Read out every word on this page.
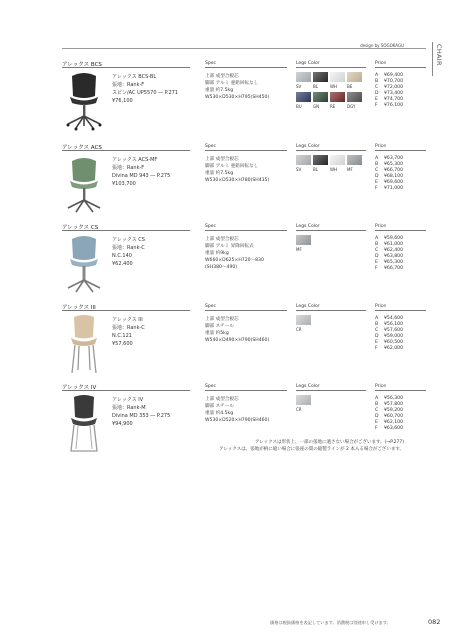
design by SOGOKAGU	CHAIR
アレックス BCS	Spec	Legs Color	Price
アレックス BCS-BL
張地：Rank-F
スピン/AC UP5570 ― P.271
¥76,100
上部 成型合板芯
脚部 アルミ 亜鉛回転なし
重量 約7.5kg
W530×D530×H795(SH450)
SV	BL	WH	BE
BU	GN	RE	DGY
A ¥69,400
B ¥70,700
C ¥72,000
D ¥73,400
E ¥74,700
F ¥76,100
アレックス ACS	Spec	Legs Color	Price
アレックス ACS-MF
張地：Rank-F
Divina MD 943 ― P.275
¥103,700
上部 成型合板芯
脚部 アルミ 亜鉛回転なし
重量 約7.5kg
W530×D530×H780(SH435)
SV	BL	WH	MF
A ¥63,700
B ¥65,300
C ¥66,700
D ¥68,100
E ¥69,600
F ¥71,000
アレックス CS	Spec	Legs Color	Price
アレックス CS
張地：Rank-C
N.C.140
¥62,400
上部 成型合板芯
脚部 アルミ 昇降回転式
重量 約9kg
W660×D625×H720〜830
(SH380〜490)
MF
A ¥59,600
B ¥61,000
C ¥62,400
D ¥63,800
E ¥65,300
F ¥66,700
アレックス III	Spec	Legs Color	Price
アレックス III
張地：Rank-C
N.C.121
¥57,600
上部 成型合板芯
脚部 スチール
重量 約5kg
W540×D490×H790(SH460)
CR
A ¥54,600
B ¥56,100
C ¥57,600
D ¥59,000
E ¥60,500
F ¥62,000
アレックス IV	Spec	Legs Color	Price
アレックス IV
張地：Rank-M
Divina MD 353 ― P.275
¥94,900
上部 成型合板芯
脚部 スチール
重量 約4.5kg
W530×D520×H790(SH460)
CR
A ¥56,300
B ¥57,800
C ¥59,200
D ¥60,700
E ¥62,100
F ¥63,600
アレックスは形状上、一部の張地に適さない場合がございます。(→P.277)
アレックスは、張地が柄に縫い場合に張座の間の縫製ラインが 2 本入る場合がございます。
価格は税抜価格を表記しています。消費税は別途申し受けます。	082
